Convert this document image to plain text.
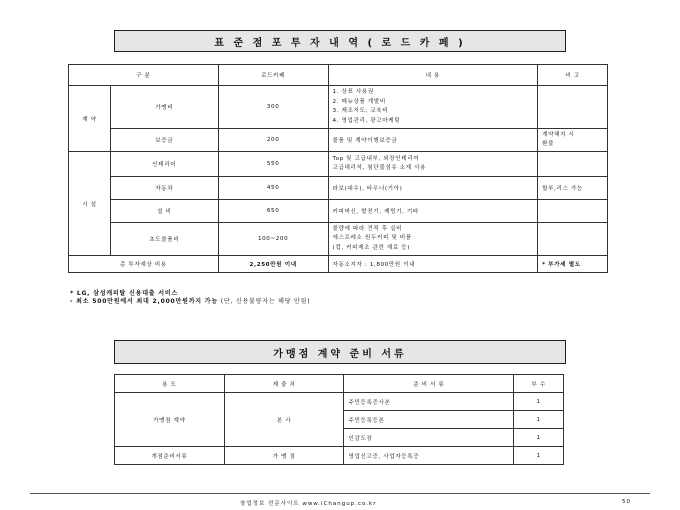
표 준 점 포 투 자 내 역 ( 로 드 카 페 )
구 분		로드카페	내 용	비 고
계 약	가맹비	300	1. 상표 사용권
2. 메뉴상품 개발비
3. 제조지도, 교육비
4. 영업관리, 광고마케팅	

	보증금	200	물품 및 계약이행보증금	계약해지 시
환불

시 설	인테리어	550	Top 및 고급내부, 외장인테리어
고급대리석, 첨단불섬유 소재 사용	

	자동차	450	라보(대우), 타우너(기아)	할부,리스 가능
	설 비	650	커피머신, 발전기, 제빙기, 기타	
	초도물품비	100~200	물량에 따라 견적 후 실비
에스프레소 원두커피 및 비품
(컵, 커피제조 관련 재료 등)	

총 투자예상 비용		2,250만원 이내	자동소지자 : 1,800만원 이내	* 부가세 별도
* LG, 삼성캐피탈 신용대출 서비스
- 최소 500만원에서 최대 2,000만원까지 가능 (단, 신용불량자는 해당 안됨)
가맹점 계약 준비 서류
용 도	제 출 처	준 비 서 류	부 수
가맹점 계약	본 사	주민등록증사본	1
		주민등록등본	1
		인감도장	1
개점준비서류	가 맹 점	영업신고증, 사업자등록증	1
창업정보 전문사이트 www.iChangup.co.kr	50
